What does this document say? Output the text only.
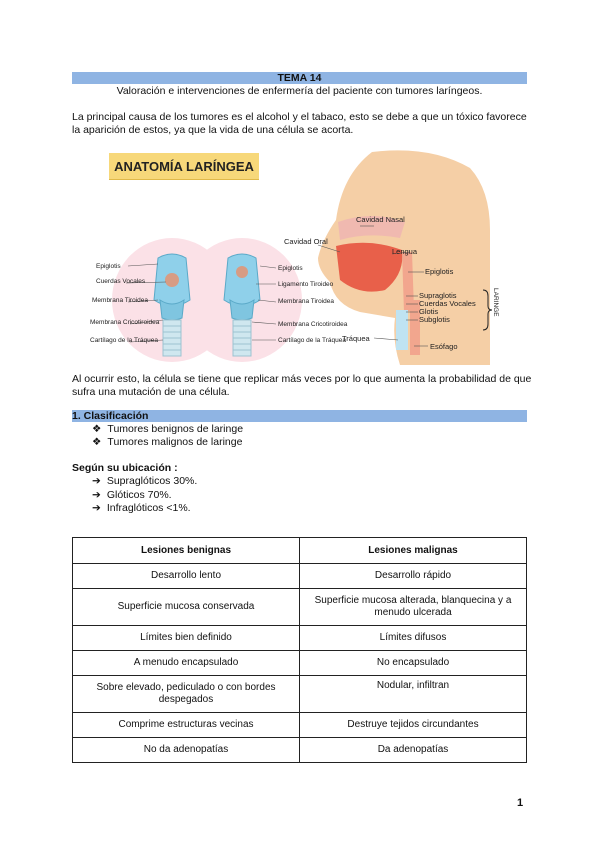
TEMA 14
Valoración e intervenciones de enfermería del paciente con tumores laríngeos.
La principal causa de los tumores es el alcohol y el tabaco, esto se debe a que un tóxico favorece la aparición de estos, ya que la vida de una célula se acorta.
ANATOMÍA LARÍNGEA
Epiglotis
Cuerdas Vocales
Membrana Tiroidea
Membrana Cricotiroidea
Cartílago de la Tráquea
Epiglotis
Ligamento Tiroideo
Membrana Tiroidea
Membrana Cricotiroidea
Cartílago de la Tráquea
Cavidad Nasal
Cavidad Oral
Lengua
Epiglotis
Supraglotis
Cuerdas Vocales
Glotis
Subglotis
Tráquea
Esófago
LARINGE
Al ocurrir esto, la célula se tiene que replicar más veces por lo que aumenta la probabilidad de que sufra una mutación de una célula.
1. Clasificación
❖ Tumores benignos de laringe
❖ Tumores malignos de laringe
Según su ubicación :
➔ Supraglóticos 30%.
➔ Glóticos 70%.
➔ Infraglóticos <1%.
Lesiones benignas	Lesiones malignas
Desarrollo lento	Desarrollo rápido
Superficie mucosa conservada	Superficie mucosa alterada, blanquecina y a menudo ulcerada
Límites bien definido	Límites difusos
A menudo encapsulado	No encapsulado
Sobre elevado, pediculado o con bordes despegados	Nodular, infiltran
Comprime estructuras vecinas	Destruye tejidos circundantes
No da adenopatías	Da adenopatías
1
